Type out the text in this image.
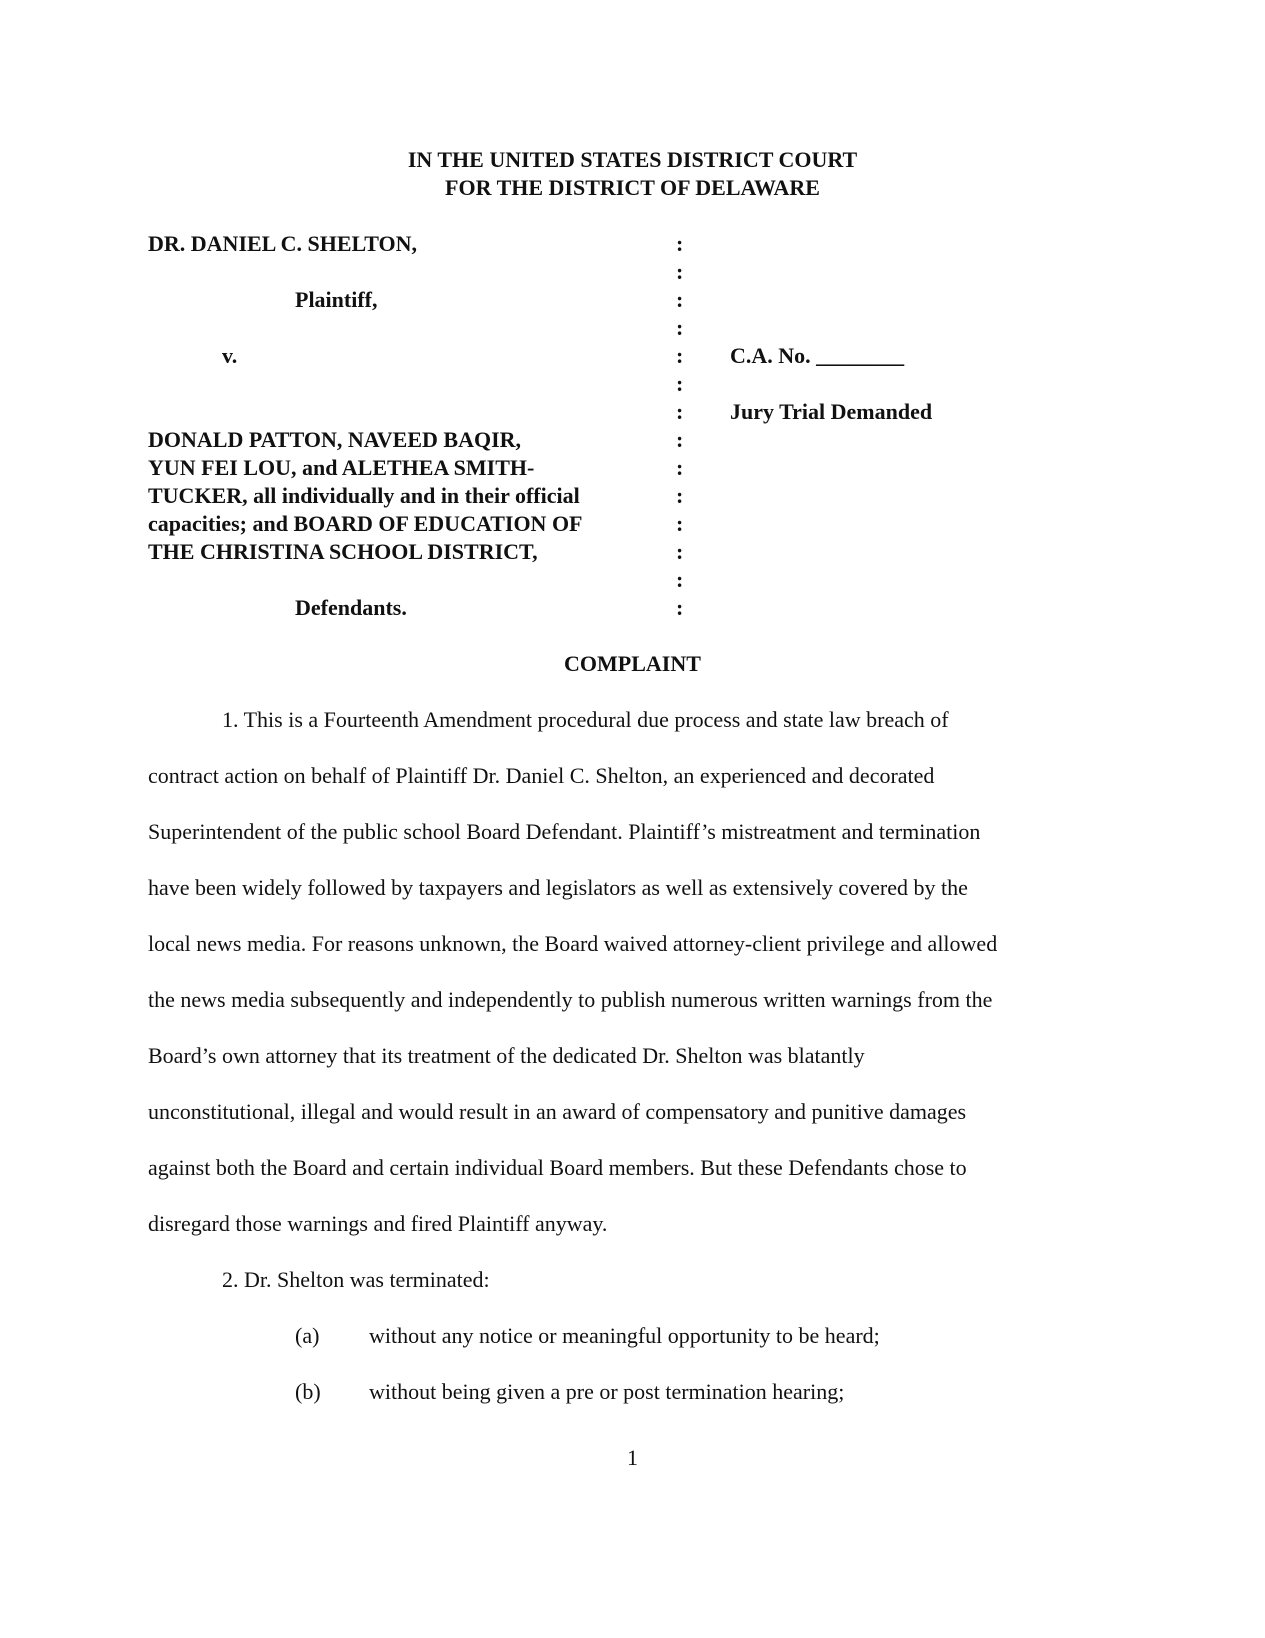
IN THE UNITED STATES DISTRICT COURT
FOR THE DISTRICT OF DELAWARE
DR. DANIEL C. SHELTON,
Plaintiff,
v.
DONALD PATTON, NAVEED BAQIR,
YUN FEI LOU, and ALETHEA SMITH-
TUCKER, all individually and in their official
capacities; and BOARD OF EDUCATION OF
THE CHRISTINA SCHOOL DISTRICT,
Defendants.
:
:
:
:
:
:
:
:
:
:
:
:
:
:
C.A. No. ________
Jury Trial Demanded
COMPLAINT
1. This is a Fourteenth Amendment procedural due process and state law breach of
contract action on behalf of Plaintiff Dr. Daniel C. Shelton, an experienced and decorated
Superintendent of the public school Board Defendant. Plaintiff’s mistreatment and termination
have been widely followed by taxpayers and legislators as well as extensively covered by the
local news media. For reasons unknown, the Board waived attorney-client privilege and allowed
the news media subsequently and independently to publish numerous written warnings from the
Board’s own attorney that its treatment of the dedicated Dr. Shelton was blatantly
unconstitutional, illegal and would result in an award of compensatory and punitive damages
against both the Board and certain individual Board members. But these Defendants chose to
disregard those warnings and fired Plaintiff anyway.
2. Dr. Shelton was terminated:
(a) without any notice or meaningful opportunity to be heard;
(b) without being given a pre or post termination hearing;
1
